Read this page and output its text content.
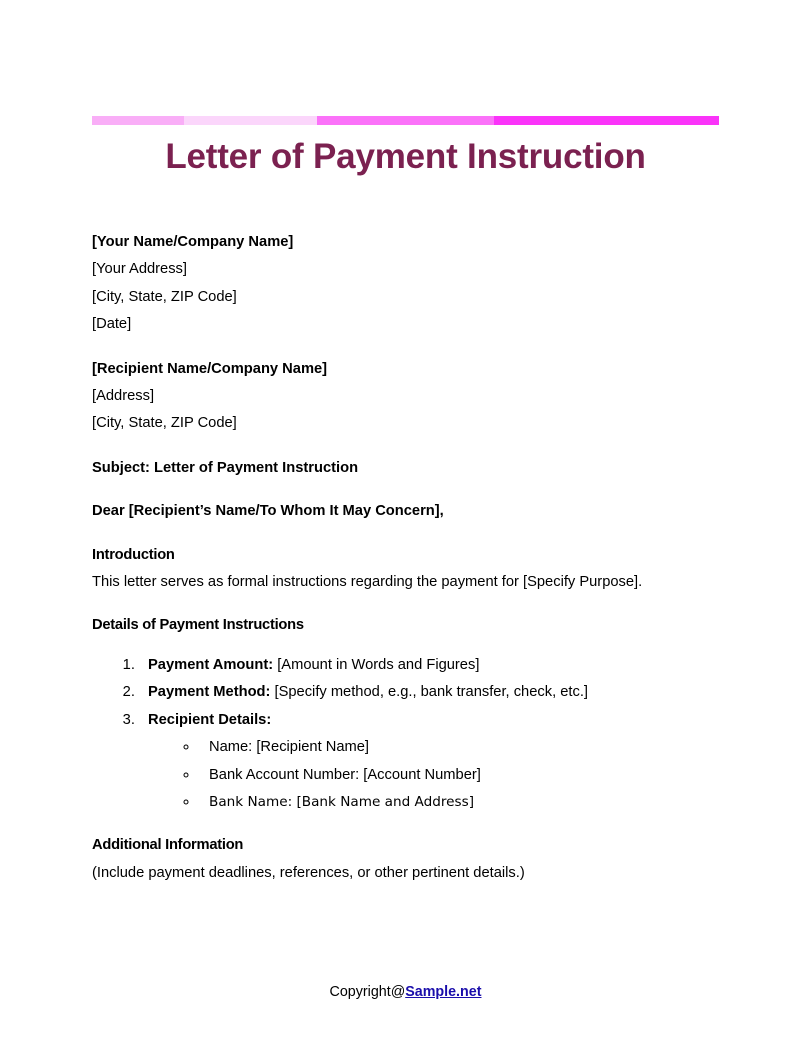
Letter of Payment Instruction
[Your Name/Company Name]
[Your Address]
[City, State, ZIP Code]
[Date]
[Recipient Name/Company Name]
[Address]
[City, State, ZIP Code]
Subject: Letter of Payment Instruction
Dear [Recipient’s Name/To Whom It May Concern],
Introduction
This letter serves as formal instructions regarding the payment for [Specify Purpose].
Details of Payment Instructions
1. Payment Amount: [Amount in Words and Figures]
2. Payment Method: [Specify method, e.g., bank transfer, check, etc.]
3. Recipient Details:
◦ Name: [Recipient Name]
◦ Bank Account Number: [Account Number]
◦ Bank Name: [Bank Name and Address]
Additional Information
(Include payment deadlines, references, or other pertinent details.)
Copyright@Sample.net
